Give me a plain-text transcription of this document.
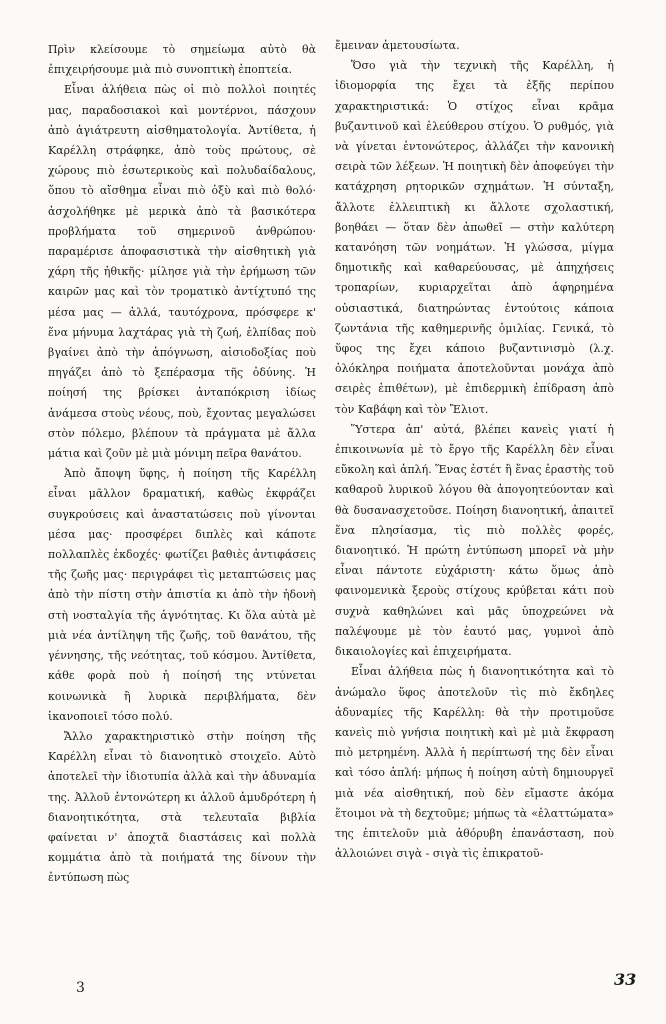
Πρὶν κλείσουμε τὸ σημείωμα αὐτὸ θὰ ἐπιχειρήσουμε μιὰ πιὸ συνοπτικὴ ἐποπτεία.

Εἶναι ἀλήθεια πὼς οἱ πιὸ πολλοὶ ποιητές μας, παραδοσιακοὶ καὶ μοντέρνοι, πάσχουν ἀπὸ ἀγιάτρευτη αἰσθηματολογία. Ἀντίθετα, ἡ Καρέλλη στράφηκε, ἀπὸ τοὺς πρώτους, σὲ χώρους πιὸ ἐσωτερικοὺς καὶ πολυδαίδαλους, ὅπου τὸ αἴσθημα εἶναι πιὸ ὀξὺ καὶ πιὸ θολό· ἀσχολήθηκε μὲ μερικὰ ἀπὸ τὰ βασικότερα προβλήματα τοῦ σημερινοῦ ἀνθρώπου· παραμέρισε ἀποφασιστικὰ τὴν αἰσθητικὴ γιὰ χάρη τῆς ἠθικῆς· μίλησε γιὰ τὴν ἐρήμωση τῶν καιρῶν μας καὶ τὸν τροματικὸ ἀντίχτυπό της μέσα μας — ἀλλά, ταυτόχρονα, πρόσφερε κ' ἕνα μήνυμα λαχτάρας γιὰ τὴ ζωή, ἐλπίδας ποὺ βγαίνει ἀπὸ τὴν ἀπόγνωση, αἰσιοδοξίας ποὺ πηγάζει ἀπὸ τὸ ξεπέρασμα τῆς ὀδύνης. Ἡ ποίησή της βρίσκει ἀνταπόκριση ἰδίως ἀνάμεσα στοὺς νέους, ποὺ, ἔχοντας μεγαλώσει στὸν πόλεμο, βλέπουν τὰ πράγματα μὲ ἄλλα μάτια καὶ ζοῦν μὲ μιὰ μόνιμη πεῖρα θανάτου.

Ἀπὸ ἄποψη ὕφης, ἡ ποίηση τῆς Καρέλλη εἶναι μᾶλλον δραματική, καθὼς ἐκφράζει συγκρούσεις καὶ ἀναστατώσεις ποὺ γίνονται μέσα μας· προσφέρει διπλὲς καὶ κάποτε πολλαπλὲς ἐκδοχές· φωτίζει βαθιὲς ἀντιφάσεις τῆς ζωῆς μας· περιγράφει τὶς μεταπτώσεις μας ἀπὸ τὴν πίστη στὴν ἀπιστία κι ἀπὸ τὴν ἡδονὴ στὴ νοσταλγία τῆς ἀγνότητας. Κι ὅλα αὐτὰ μὲ μιὰ νέα ἀντίληψη τῆς ζωῆς, τοῦ θανάτου, τῆς γέννησης, τῆς νεότητας, τοῦ κόσμου. Ἀντίθετα, κάθε φορὰ ποὺ ἡ ποίησή της ντύνεται κοινωνικὰ ἢ λυρικὰ περιβλήματα, δὲν ἱκανοποιεῖ τόσο πολύ.

Ἄλλο χαρακτηριστικὸ στὴν ποίηση τῆς Καρέλλη εἶναι τὸ διανοητικὸ στοιχεῖο. Αὐτὸ ἀποτελεῖ τὴν ἰδιοτυπία ἀλλὰ καὶ τὴν ἀδυναμία της. Ἀλλοῦ ἐντονώτερη κι ἀλλοῦ ἀμυδρότερη ἡ διανοητικότητα, στὰ τελευταῖα βιβλία φαίνεται ν' ἀποχτᾶ διαστάσεις καὶ πολλὰ κομμάτια ἀπὸ τὰ ποιήματά της δίνουν τὴν ἐντύπωση πὼς

ἔμειναν ἀμετουσίωτα.

Ὅσο γιὰ τὴν τεχνικὴ τῆς Καρέλλη, ἡ ἰδιομορφία της ἔχει τὰ ἑξῆς περίπου χαρακτηριστικά: Ὁ στίχος εἶναι κρᾶμα βυζαντινοῦ καὶ ἐλεύθερου στίχου. Ὁ ρυθμός, γιὰ νὰ γίνεται ἐντονώτερος, ἀλλάζει τὴν κανονικὴ σειρὰ τῶν λέξεων. Ἡ ποιητικὴ δὲν ἀποφεύγει τὴν κατάχρηση ρητορικῶν σχημάτων. Ἡ σύνταξη, ἄλλοτε ἐλλειπτικὴ κι ἄλλοτε σχολαστική, βοηθάει — ὅταν δὲν ἀπωθεῖ — στὴν καλύτερη κατανόηση τῶν νοημάτων. Ἡ γλώσσα, μίγμα δημοτικῆς καὶ καθαρεύουσας, μὲ ἀπηχήσεις τροπαρίων, κυριαρχεῖται ἀπὸ ἀφηρημένα οὐσιαστικά, διατηρώντας ἐντούτοις κάποια ζωντάνια τῆς καθημερινῆς ὁμιλίας. Γενικά, τὸ ὕφος της ἔχει κάποιο βυζαντινισμὸ (λ.χ. ὁλόκληρα ποιήματα ἀποτελοῦνται μονάχα ἀπὸ σειρὲς ἐπιθέτων), μὲ ἐπιδερμικὴ ἐπίδραση ἀπὸ τὸν Καβάφη καὶ τὸν Ἔλιοτ.

Ὕστερα ἀπ' αὐτά, βλέπει κανεὶς γιατί ἡ ἐπικοινωνία μὲ τὸ ἔργο τῆς Καρέλλη δὲν εἶναι εὔκολη καὶ ἁπλή. Ἕνας ἐστέτ ἢ ἕνας ἐραστὴς τοῦ καθαροῦ λυρικοῦ λόγου θὰ ἀπογοητεύονταν καὶ θὰ δυσανασχετοῦσε. Ποίηση διανοητική, ἀπαιτεῖ ἕνα πλησίασμα, τὶς πιὸ πολλὲς φορές, διανοητικό. Ἡ πρώτη ἐντύπωση μπορεῖ νὰ μὴν εἶναι πάντοτε εὐχάριστη· κάτω ὅμως ἀπὸ φαινομενικὰ ξεροὺς στίχους κρύβεται κάτι ποὺ συχνὰ καθηλώνει καὶ μᾶς ὑποχρεώνει νὰ παλέψουμε μὲ τὸν ἑαυτό μας, γυμνοὶ ἀπὸ δικαιολογίες καὶ ἐπιχειρήματα.

Εἶναι ἀλήθεια πὼς ἡ διανοητικότητα καὶ τὸ ἀνώμαλο ὕφος ἀποτελοῦν τὶς πιὸ ἔκδηλες ἀδυναμίες τῆς Καρέλλη: θὰ τὴν προτιμοῦσε κανεὶς πιὸ γνήσια ποιητικὴ καὶ μὲ μιὰ ἔκφραση πιὸ μετρημένη. Ἀλλὰ ἡ περίπτωσή της δὲν εἶναι καὶ τόσο ἁπλή: μήπως ἡ ποίηση αὐτὴ δημιουργεῖ μιὰ νέα αἰσθητική, ποὺ δὲν εἴμαστε ἀκόμα ἕτοιμοι νὰ τὴ δεχτοῦμε; μήπως τὰ «ἐλαττώματα» της ἐπιτελοῦν μιὰ ἀθόρυβη ἐπανάσταση, ποὺ ἀλλοιώνει σιγὰ - σιγὰ τὶς ἐπικρατοῦ-

3	33
